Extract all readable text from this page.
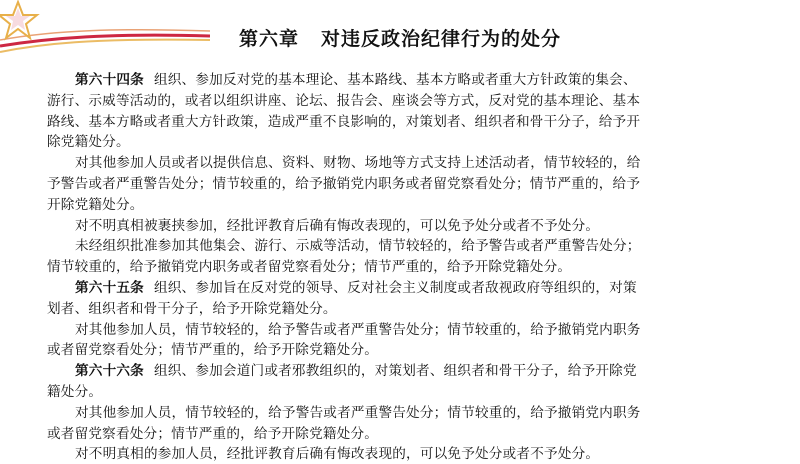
第六章 对违反政治纪律行为的处分
第六十四条 组织、参加反对党的基本理论、基本路线、基本方略或者重大方针政策的集会、
游行、示威等活动的，或者以组织讲座、论坛、报告会、座谈会等方式，反对党的基本理论、基本
路线、基本方略或者重大方针政策，造成严重不良影响的，对策划者、组织者和骨干分子，给予开
除党籍处分。
对其他参加人员或者以提供信息、资料、财物、场地等方式支持上述活动者，情节较轻的，给
予警告或者严重警告处分；情节较重的，给予撤销党内职务或者留党察看处分；情节严重的，给予
开除党籍处分。
对不明真相被裹挟参加，经批评教育后确有悔改表现的，可以免予处分或者不予处分。
未经组织批准参加其他集会、游行、示威等活动，情节较轻的，给予警告或者严重警告处分；
情节较重的，给予撤销党内职务或者留党察看处分；情节严重的，给予开除党籍处分。
第六十五条 组织、参加旨在反对党的领导、反对社会主义制度或者敌视政府等组织的，对策
划者、组织者和骨干分子，给予开除党籍处分。
对其他参加人员，情节较轻的，给予警告或者严重警告处分；情节较重的，给予撤销党内职务
或者留党察看处分；情节严重的，给予开除党籍处分。
第六十六条 组织、参加会道门或者邪教组织的，对策划者、组织者和骨干分子，给予开除党
籍处分。
对其他参加人员，情节较轻的，给予警告或者严重警告处分；情节较重的，给予撤销党内职务
或者留党察看处分；情节严重的，给予开除党籍处分。
对不明真相的参加人员，经批评教育后确有悔改表现的，可以免予处分或者不予处分。
